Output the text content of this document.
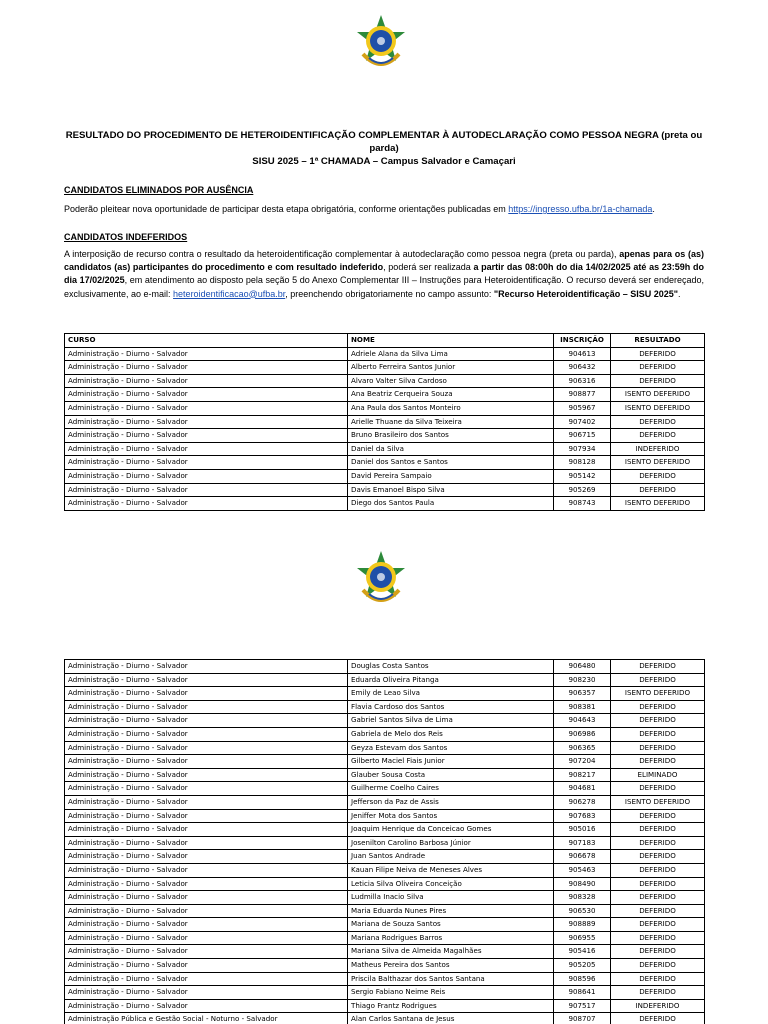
RESULTADO DO PROCEDIMENTO DE HETEROIDENTIFICAÇÃO COMPLEMENTAR À AUTODECLARAÇÃO COMO PESSOA NEGRA (preta ou parda)
SISU 2025 – 1ª CHAMADA – Campus Salvador e Camaçari
CANDIDATOS ELIMINADOS POR AUSÊNCIA
Poderão pleitear nova oportunidade de participar desta etapa obrigatória, conforme orientações publicadas em https://ingresso.ufba.br/1a-chamada.
CANDIDATOS INDEFERIDOS
A interposição de recurso contra o resultado da heteroidentificação complementar à autodeclaração como pessoa negra (preta ou parda), apenas para os (as) candidatos (as) participantes do procedimento e com resultado indeferido, poderá ser realizada a partir das 08:00h do dia 14/02/2025 até as 23:59h do dia 17/02/2025, em atendimento ao disposto pela seção 5 do Anexo Complementar III – Instruções para Heteroidentificação. O recurso deverá ser endereçado, exclusivamente, ao e-mail: heteroidentificacao@ufba.br, preenchendo obrigatoriamente no campo assunto: "Recurso Heteroidentificação – SISU 2025".
CURSO	NOME	INSCRIÇÃO	RESULTADO
Administração - Diurno - Salvador	Adriele Alana da Silva Lima	904613	DEFERIDO
Administração - Diurno - Salvador	Alberto Ferreira Santos Junior	906432	DEFERIDO
Administração - Diurno - Salvador	Alvaro Valter Silva Cardoso	906316	DEFERIDO
Administração - Diurno - Salvador	Ana Beatriz Cerqueira Souza	908877	ISENTO DEFERIDO
Administração - Diurno - Salvador	Ana Paula dos Santos Monteiro	905967	ISENTO DEFERIDO
Administração - Diurno - Salvador	Arielle Thuane da Silva Teixeira	907402	DEFERIDO
Administração - Diurno - Salvador	Bruno Brasileiro dos Santos	906715	DEFERIDO
Administração - Diurno - Salvador	Daniel da Silva	907934	INDEFERIDO
Administração - Diurno - Salvador	Daniel dos Santos e Santos	908128	ISENTO DEFERIDO
Administração - Diurno - Salvador	David Pereira Sampaio	905142	DEFERIDO
Administração - Diurno - Salvador	Davis Emanoel Bispo Silva	905269	DEFERIDO
Administração - Diurno - Salvador	Diego dos Santos Paula	908743	ISENTO DEFERIDO
Administração - Diurno - Salvador	Douglas Costa Santos	906480	DEFERIDO
Administração - Diurno - Salvador	Eduarda Oliveira Pitanga	908230	DEFERIDO
Administração - Diurno - Salvador	Emily de Leao Silva	906357	ISENTO DEFERIDO
Administração - Diurno - Salvador	Flavia Cardoso dos Santos	908381	DEFERIDO
Administração - Diurno - Salvador	Gabriel Santos Silva de Lima	904643	DEFERIDO
Administração - Diurno - Salvador	Gabriela de Melo dos Reis	906986	DEFERIDO
Administração - Diurno - Salvador	Geyza Estevam dos Santos	906365	DEFERIDO
Administração - Diurno - Salvador	Gilberto Maciel Fiais Junior	907204	DEFERIDO
Administração - Diurno - Salvador	Glauber Sousa Costa	908217	ELIMINADO
Administração - Diurno - Salvador	Guilherme Coelho Caires	904681	DEFERIDO
Administração - Diurno - Salvador	Jefferson da Paz de Assis	906278	ISENTO DEFERIDO
Administração - Diurno - Salvador	Jeniffer Mota dos Santos	907683	DEFERIDO
Administração - Diurno - Salvador	Joaquim Henrique da Conceicao Gomes	905016	DEFERIDO
Administração - Diurno - Salvador	Josenilton Carolino Barbosa Júnior	907183	DEFERIDO
Administração - Diurno - Salvador	Juan Santos Andrade	906678	DEFERIDO
Administração - Diurno - Salvador	Kauan Filipe Neiva de Meneses Alves	905463	DEFERIDO
Administração - Diurno - Salvador	Leticia Silva Oliveira Conceição	908490	DEFERIDO
Administração - Diurno - Salvador	Ludmilla Inacio Silva	908328	DEFERIDO
Administração - Diurno - Salvador	Maria Eduarda Nunes Pires	906530	DEFERIDO
Administração - Diurno - Salvador	Mariana de Souza Santos	908889	DEFERIDO
Administração - Diurno - Salvador	Mariana Rodrigues Barros	906955	DEFERIDO
Administração - Diurno - Salvador	Mariana Silva de Almeida Magalhães	905416	DEFERIDO
Administração - Diurno - Salvador	Matheus Pereira dos Santos	905205	DEFERIDO
Administração - Diurno - Salvador	Priscila Balthazar dos Santos Santana	908596	DEFERIDO
Administração - Diurno - Salvador	Sergio Fabiano Neime Reis	908641	DEFERIDO
Administração - Diurno - Salvador	Thiago Frantz Rodrigues	907517	INDEFERIDO
Administração Pública e Gestão Social - Noturno - Salvador	Alan Carlos Santana de Jesus	908707	DEFERIDO
